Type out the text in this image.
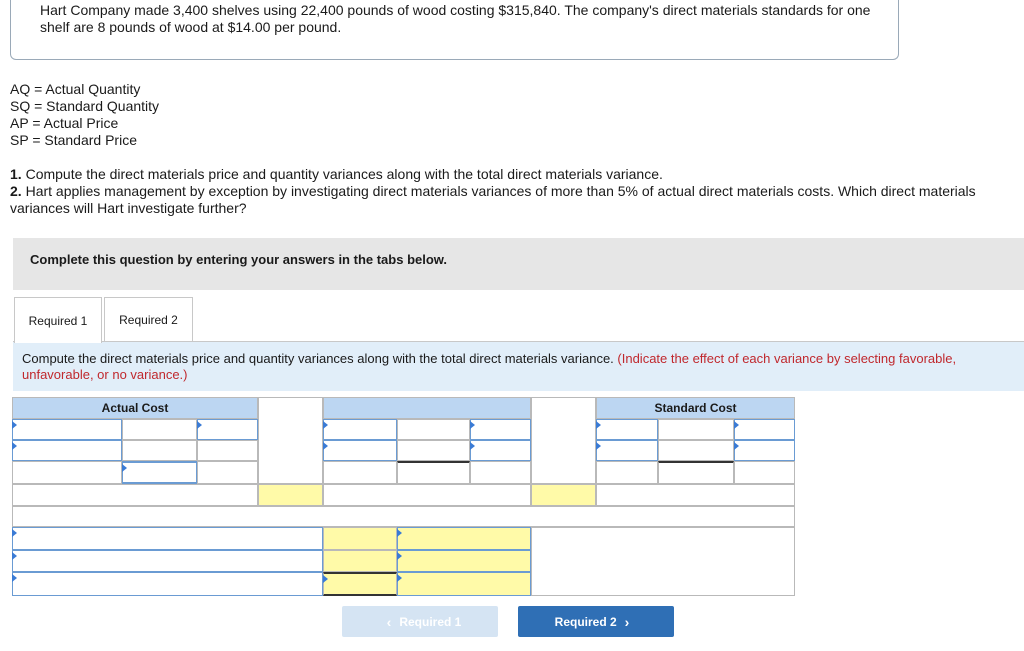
Hart Company made 3,400 shelves using 22,400 pounds of wood costing $315,840. The company's direct materials standards for one shelf are 8 pounds of wood at $14.00 per pound.
AQ = Actual Quantity
SQ = Standard Quantity
AP = Actual Price
SP = Standard Price
1. Compute the direct materials price and quantity variances along with the total direct materials variance.
2. Hart applies management by exception by investigating direct materials variances of more than 5% of actual direct materials costs. Which direct materials variances will Hart investigate further?
Complete this question by entering your answers in the tabs below.
Required 1	Required 2
Compute the direct materials price and quantity variances along with the total direct materials variance. (Indicate the effect of each variance by selecting favorable, unfavorable, or no variance.)
Actual Cost	Standard Cost
‹ Required 1	Required 2 ›
